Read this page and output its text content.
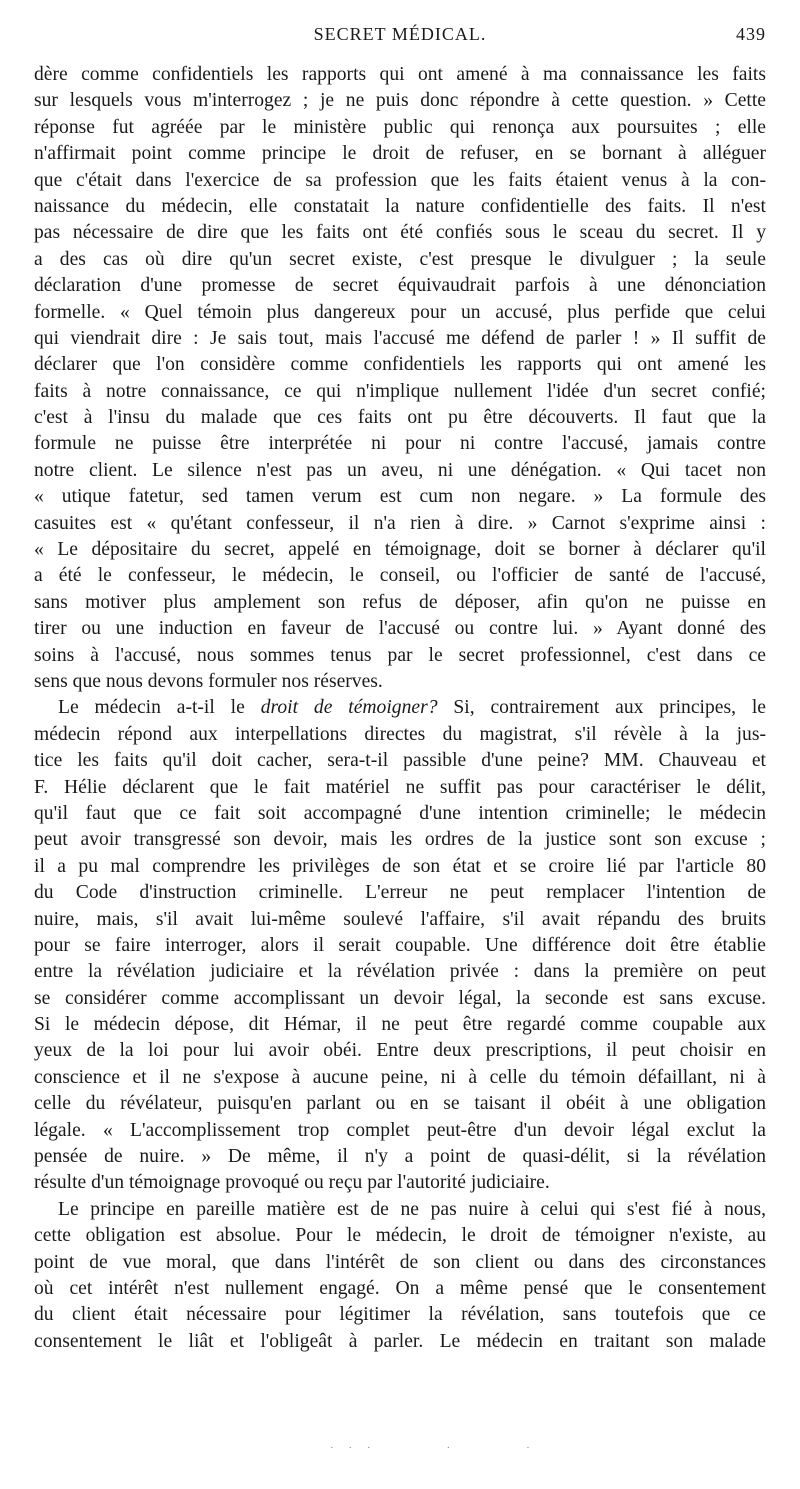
SECRET MÉDICAL.	439
dère comme confidentiels les rapports qui ont amené à ma connaissance les faits
sur lesquels vous m'interrogez ; je ne puis donc répondre à cette question. » Cette
réponse fut agréée par le ministère public qui renonça aux poursuites ; elle
n'affirmait point comme principe le droit de refuser, en se bornant à alléguer
que c'était dans l'exercice de sa profession que les faits étaient venus à la con-
naissance du médecin, elle constatait la nature confidentielle des faits. Il n'est
pas nécessaire de dire que les faits ont été confiés sous le sceau du secret. Il y
a des cas où dire qu'un secret existe, c'est presque le divulguer ; la seule
déclaration d'une promesse de secret équivaudrait parfois à une dénonciation
formelle. « Quel témoin plus dangereux pour un accusé, plus perfide que celui
qui viendrait dire : Je sais tout, mais l'accusé me défend de parler ! » Il suffit de
déclarer que l'on considère comme confidentiels les rapports qui ont amené les
faits à notre connaissance, ce qui n'implique nullement l'idée d'un secret confié;
c'est à l'insu du malade que ces faits ont pu être découverts. Il faut que la
formule ne puisse être interprétée ni pour ni contre l'accusé, jamais contre
notre client. Le silence n'est pas un aveu, ni une dénégation. « Qui tacet non
« utique fatetur, sed tamen verum est cum non negare. » La formule des
casuites est « qu'étant confesseur, il n'a rien à dire. » Carnot s'exprime ainsi :
« Le dépositaire du secret, appelé en témoignage, doit se borner à déclarer qu'il
a été le confesseur, le médecin, le conseil, ou l'officier de santé de l'accusé,
sans motiver plus amplement son refus de déposer, afin qu'on ne puisse en
tirer ou une induction en faveur de l'accusé ou contre lui. » Ayant donné des
soins à l'accusé, nous sommes tenus par le secret professionnel, c'est dans ce
sens que nous devons formuler nos réserves.
Le médecin a-t-il le droit de témoigner? Si, contrairement aux principes, le
médecin répond aux interpellations directes du magistrat, s'il révèle à la jus-
tice les faits qu'il doit cacher, sera-t-il passible d'une peine? MM. Chauveau et
F. Hélie déclarent que le fait matériel ne suffit pas pour caractériser le délit,
qu'il faut que ce fait soit accompagné d'une intention criminelle; le médecin
peut avoir transgressé son devoir, mais les ordres de la justice sont son excuse ;
il a pu mal comprendre les privilèges de son état et se croire lié par l'article 80
du Code d'instruction criminelle. L'erreur ne peut remplacer l'intention de
nuire, mais, s'il avait lui-même soulevé l'affaire, s'il avait répandu des bruits
pour se faire interroger, alors il serait coupable. Une différence doit être établie
entre la révélation judiciaire et la révélation privée : dans la première on peut
se considérer comme accomplissant un devoir légal, la seconde est sans excuse.
Si le médecin dépose, dit Hémar, il ne peut être regardé comme coupable aux
yeux de la loi pour lui avoir obéi. Entre deux prescriptions, il peut choisir en
conscience et il ne s'expose à aucune peine, ni à celle du témoin défaillant, ni à
celle du révélateur, puisqu'en parlant ou en se taisant il obéit à une obligation
légale. « L'accomplissement trop complet peut-être d'un devoir légal exclut la
pensée de nuire. » De même, il n'y a point de quasi-délit, si la révélation
résulte d'un témoignage provoqué ou reçu par l'autorité judiciaire.
Le principe en pareille matière est de ne pas nuire à celui qui s'est fié à nous,
cette obligation est absolue. Pour le médecin, le droit de témoigner n'existe, au
point de vue moral, que dans l'intérêt de son client ou dans des circonstances
où cet intérêt n'est nullement engagé. On a même pensé que le consentement
du client était nécessaire pour légitimer la révélation, sans toutefois que ce
consentement le liât et l'obligeât à parler. Le médecin en traitant son malade
· · ·        ·        ·
